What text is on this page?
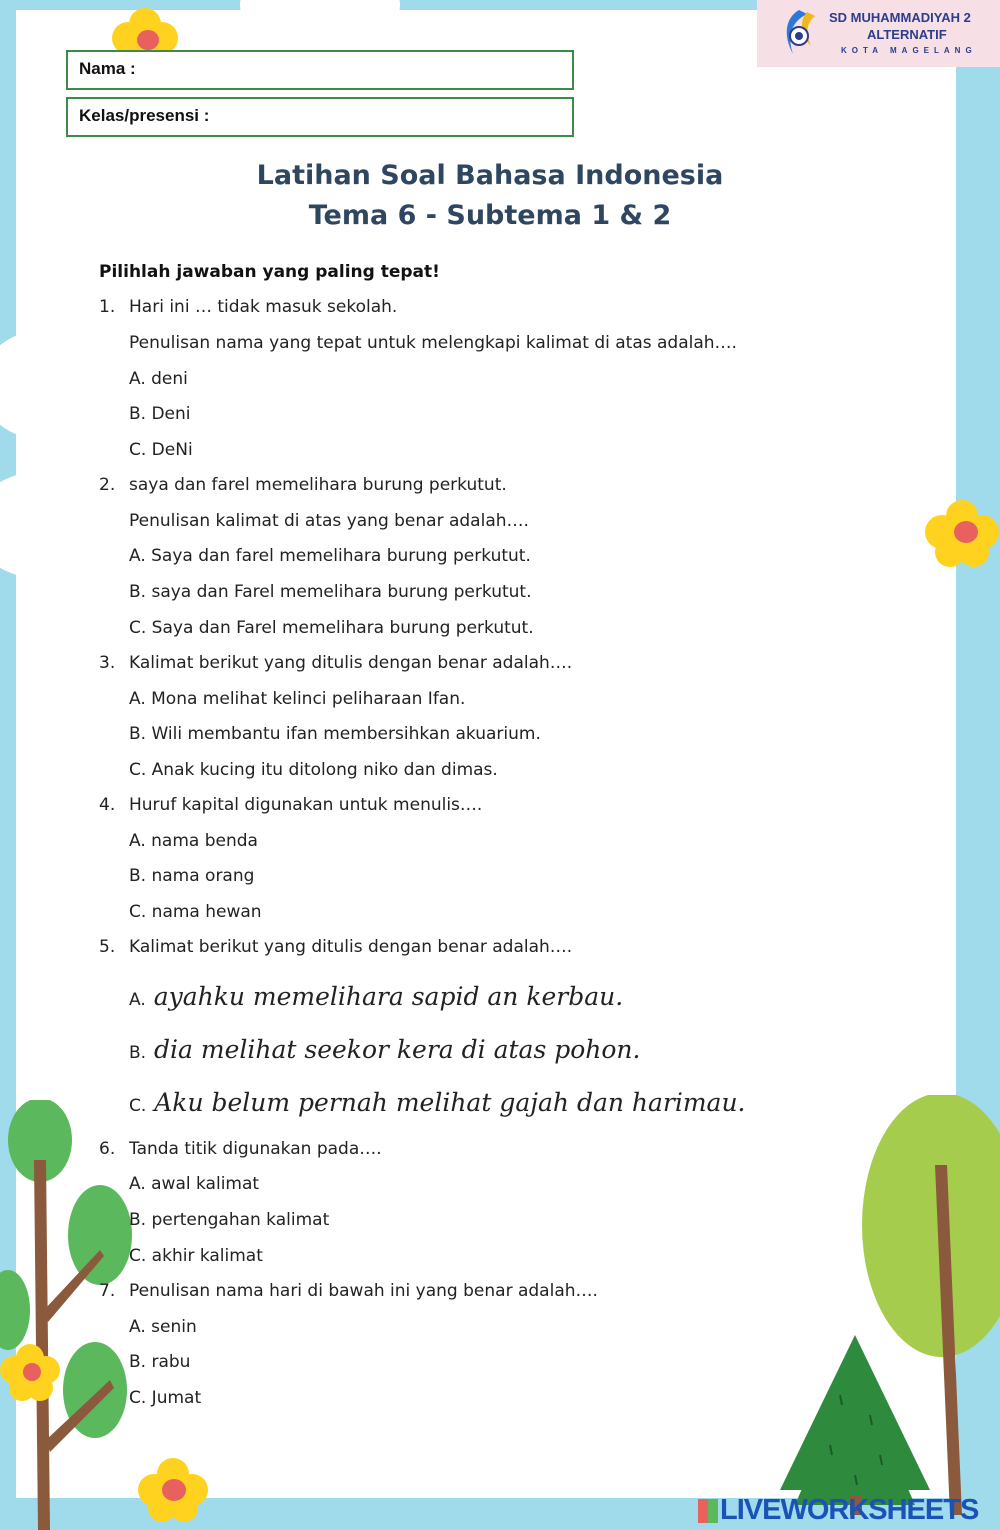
Nama :
Kelas/presensi :
SD MUHAMMADIYAH 2
ALTERNATIF
KOTA MAGELANG
Latihan Soal Bahasa Indonesia
Tema 6 - Subtema 1 & 2
Pilihlah jawaban yang paling tepat!
1. Hari ini … tidak masuk sekolah.
Penulisan nama yang tepat untuk melengkapi kalimat di atas adalah….
A. deni
B. Deni
C. DeNi
2. saya dan farel memelihara burung perkutut.
Penulisan kalimat di atas yang benar adalah….
A. Saya dan farel memelihara burung perkutut.
B. saya dan Farel memelihara burung perkutut.
C. Saya dan Farel memelihara burung perkutut.
3. Kalimat berikut yang ditulis dengan benar adalah….
A. Mona melihat kelinci peliharaan Ifan.
B. Wili membantu ifan membersihkan akuarium.
C. Anak kucing itu ditolong niko dan dimas.
4. Huruf kapital digunakan untuk menulis….
A. nama benda
B. nama orang
C. nama hewan
5. Kalimat berikut yang ditulis dengan benar adalah….
A. ayahku memelihara sapid an kerbau.
B. dia melihat seekor kera di atas pohon.
C. Aku belum pernah melihat gajah dan harimau.
6. Tanda titik digunakan pada….
A. awal kalimat
B. pertengahan kalimat
C. akhir kalimat
7. Penulisan nama hari di bawah ini yang benar adalah….
A. senin
B. rabu
C. Jumat
LIVEWORKSHEETS
